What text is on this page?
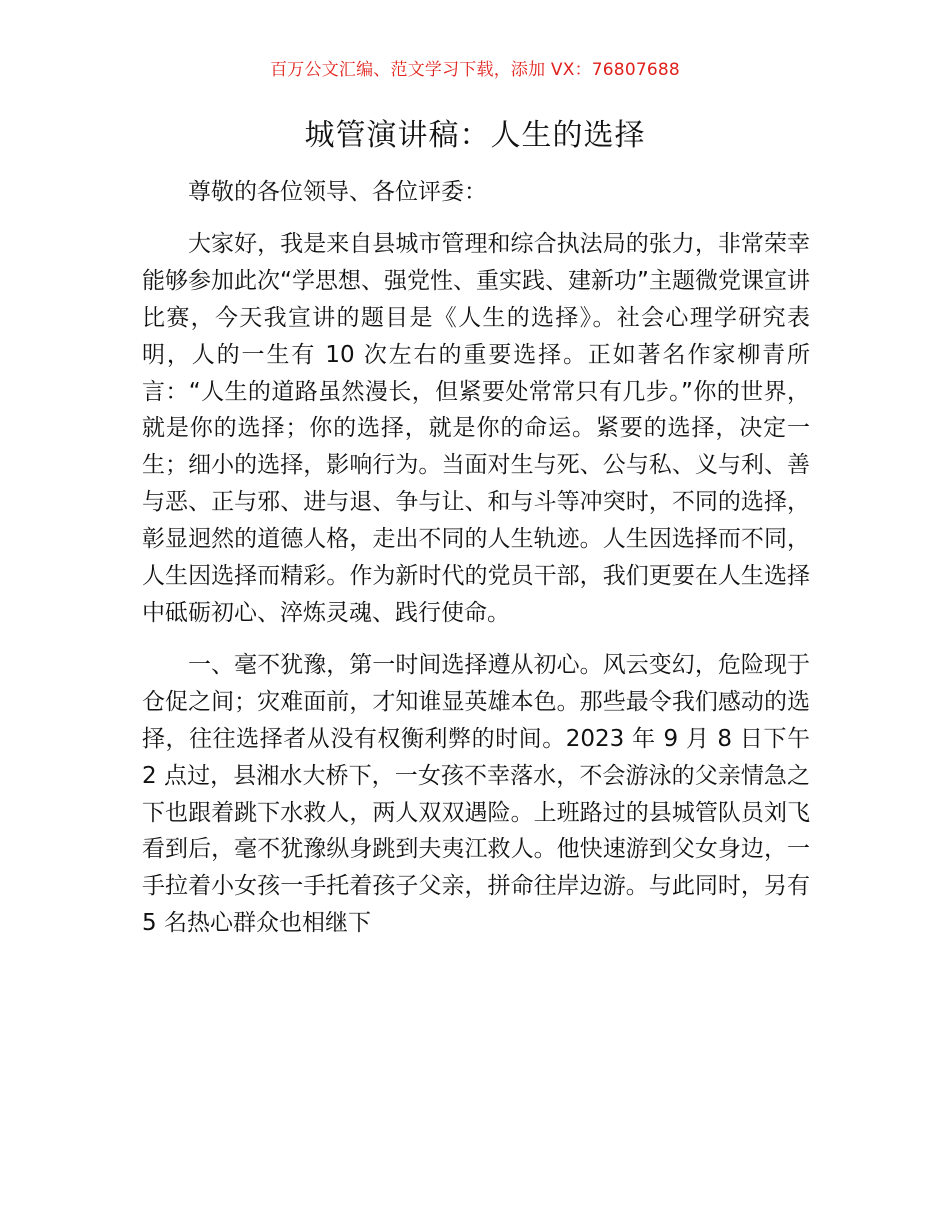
百万公文汇编、范文学习下载，添加 VX：76807688
城管演讲稿：人生的选择

尊敬的各位领导、各位评委：

大家好，我是来自县城市管理和综合执法局的张力，非常荣幸能够参加此次“学思想、强党性、重实践、建新功”主题微党课宣讲比赛，今天我宣讲的题目是《人生的选择》。社会心理学研究表明，人的一生有 10 次左右的重要选择。正如著名作家柳青所言：“人生的道路虽然漫长，但紧要处常常只有几步。”你的世界，就是你的选择；你的选择，就是你的命运。紧要的选择，决定一生；细小的选择，影响行为。当面对生与死、公与私、义与利、善与恶、正与邪、进与退、争与让、和与斗等冲突时，不同的选择，彰显迥然的道德人格，走出不同的人生轨迹。人生因选择而不同，人生因选择而精彩。作为新时代的党员干部，我们更要在人生选择中砥砺初心、淬炼灵魂、践行使命。

一、毫不犹豫，第一时间选择遵从初心。风云变幻，危险现于仓促之间；灾难面前，才知谁显英雄本色。那些最令我们感动的选择，往往选择者从没有权衡利弊的时间。2023 年 9 月 8 日下午 2 点过，县湘水大桥下，一女孩不幸落水，不会游泳的父亲情急之下也跟着跳下水救人，两人双双遇险。上班路过的县城管队员刘飞看到后，毫不犹豫纵身跳到夫夷江救人。他快速游到父女身边，一手拉着小女孩一手托着孩子父亲，拼命往岸边游。与此同时，另有 5 名热心群众也相继下
